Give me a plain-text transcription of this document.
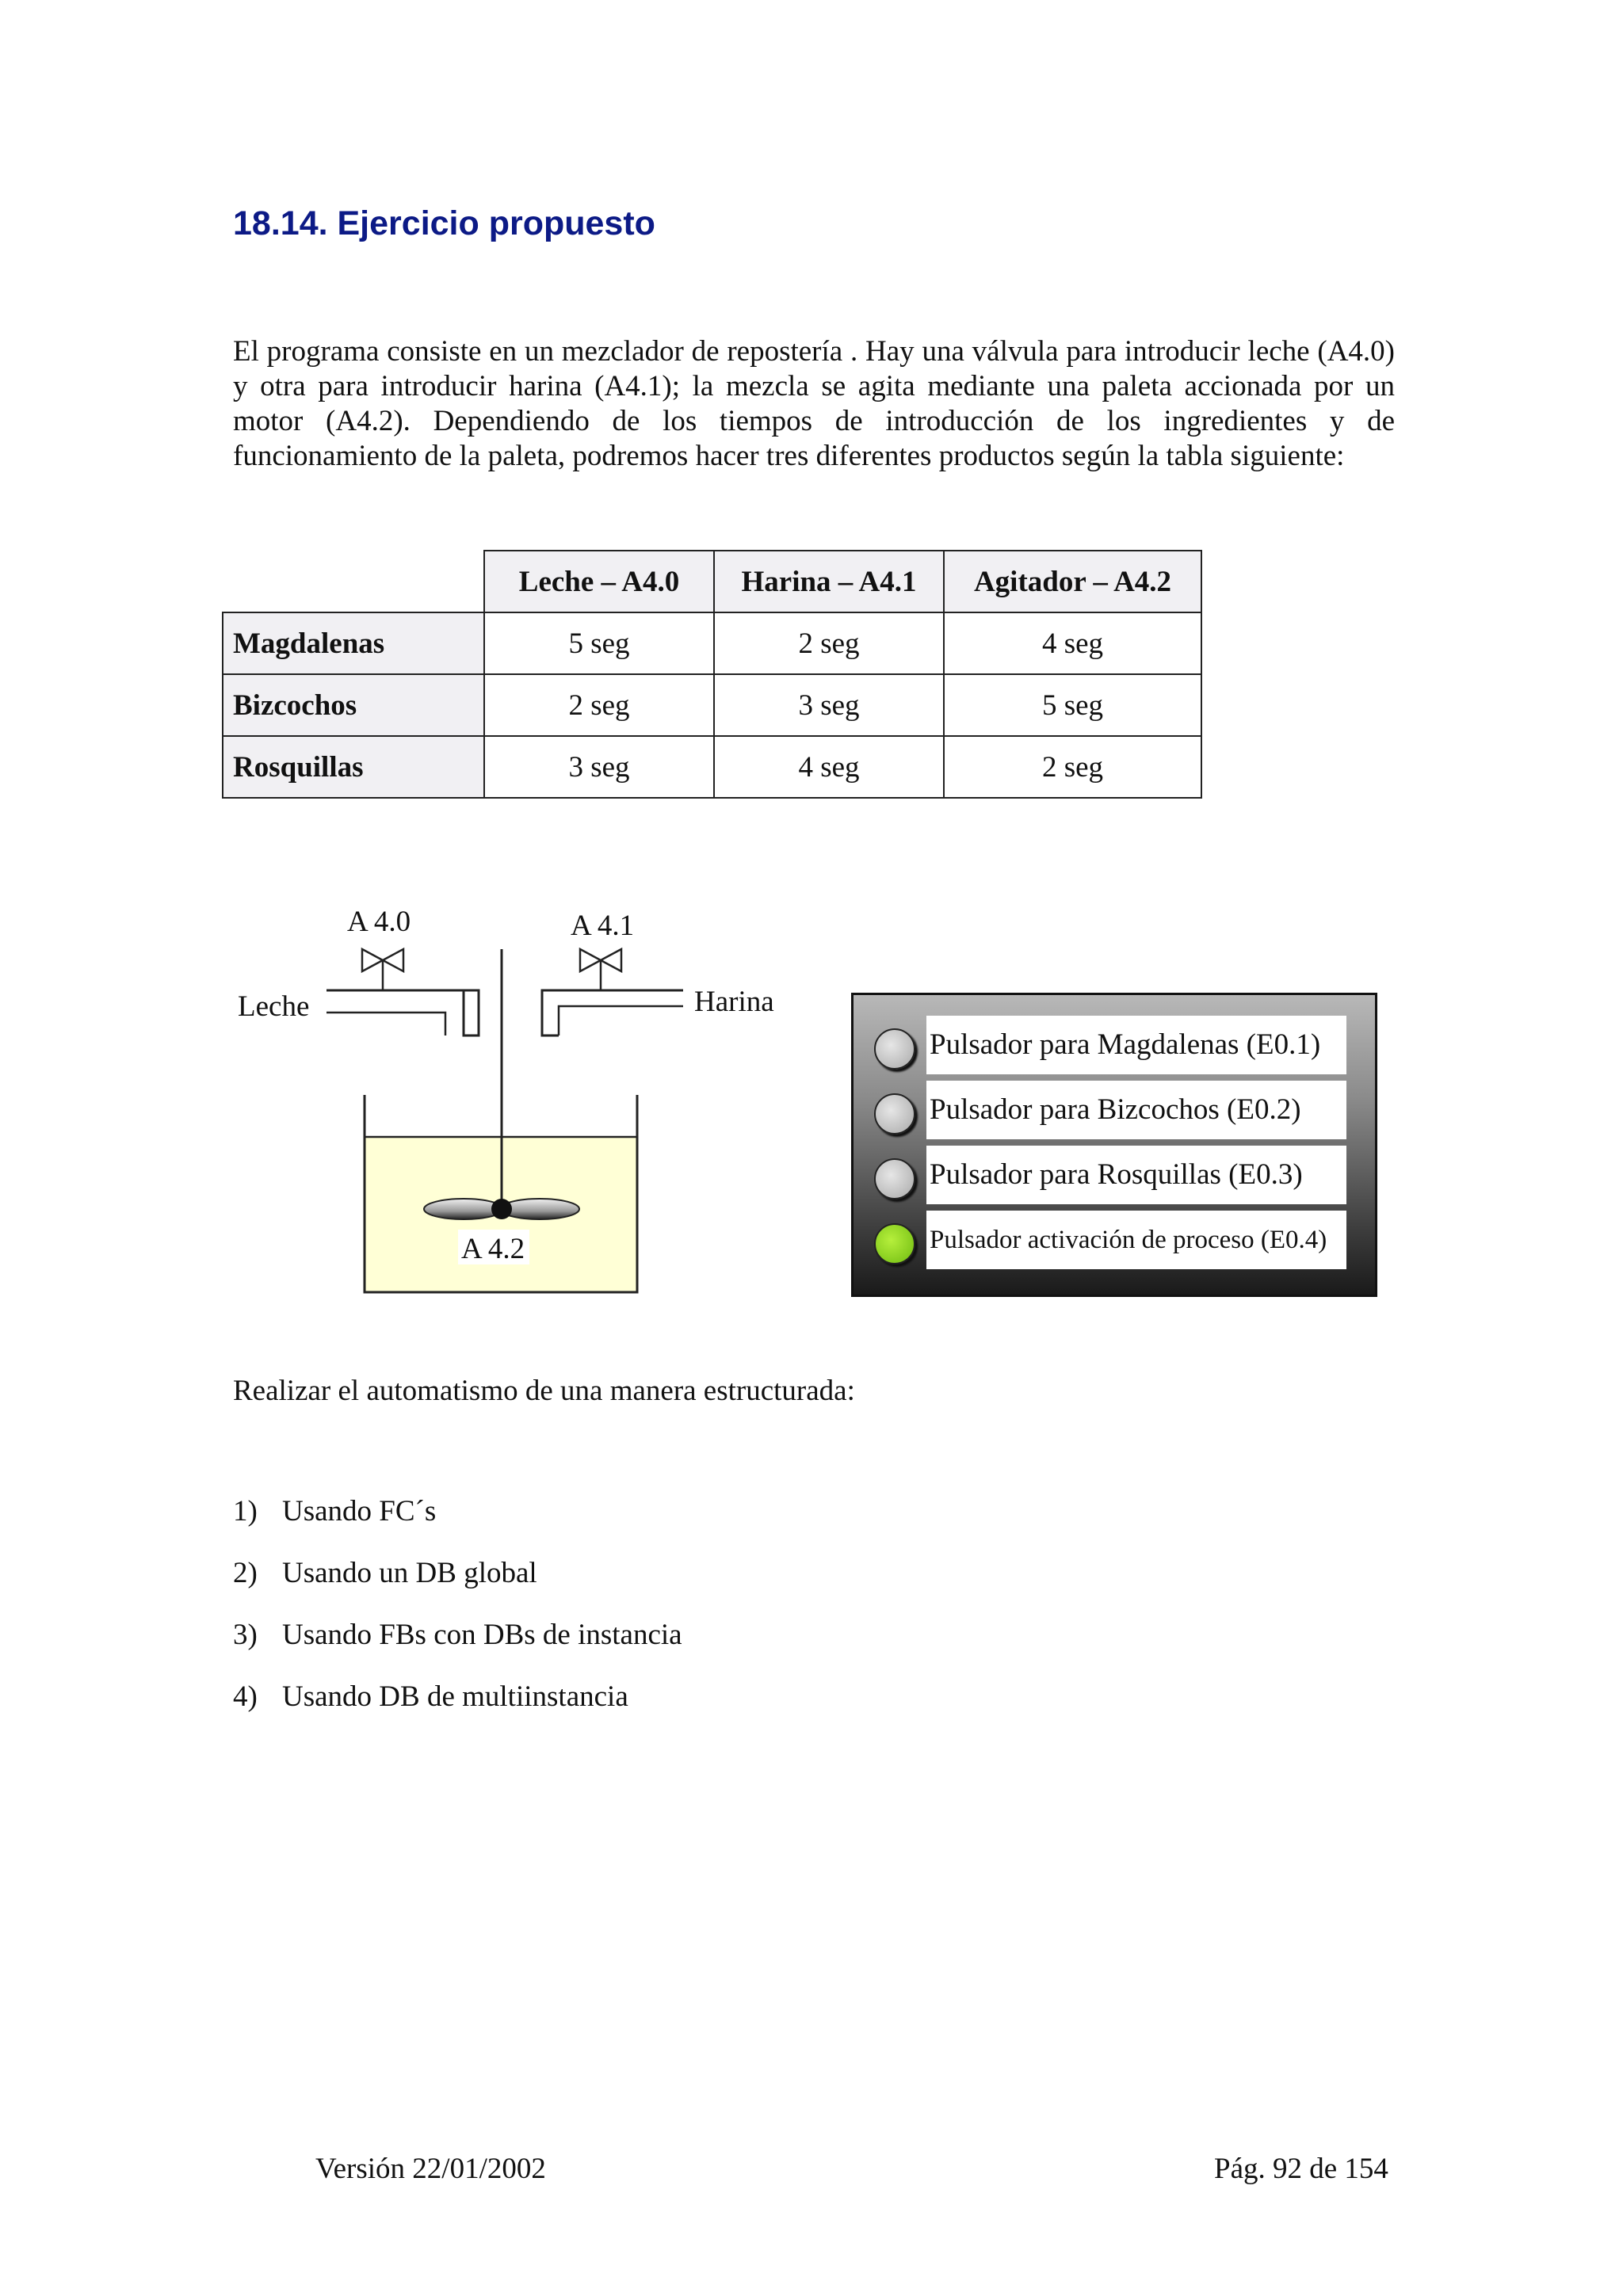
18.14. Ejercicio propuesto
El programa consiste en un mezclador de repostería . Hay una válvula para introducir leche (A4.0) y otra para introducir harina (A4.1); la mezcla se agita mediante una paleta accionada por un motor (A4.2). Dependiendo de los tiempos de introducción de los ingredientes y de funcionamiento de la paleta, podremos hacer tres diferentes productos según la tabla siguiente:
	Leche – A4.0	Harina – A4.1	Agitador – A4.2
Magdalenas	5 seg	2 seg	4 seg
Bizcochos	2 seg	3 seg	5 seg
Rosquillas	3 seg	4 seg	2 seg
A 4.2
A 4.0
Leche
A 4.1
Harina
Pulsador para Magdalenas (E0.1)
Pulsador para Bizcochos (E0.2)
Pulsador para Rosquillas (E0.3)
Pulsador activación de proceso (E0.4)
Realizar el automatismo de una manera estructurada:
1) Usando FC´s
2) Usando un DB global
3) Usando FBs con DBs de instancia
4) Usando DB de multiinstancia
Versión 22/01/2002	Pág. 92 de 154
